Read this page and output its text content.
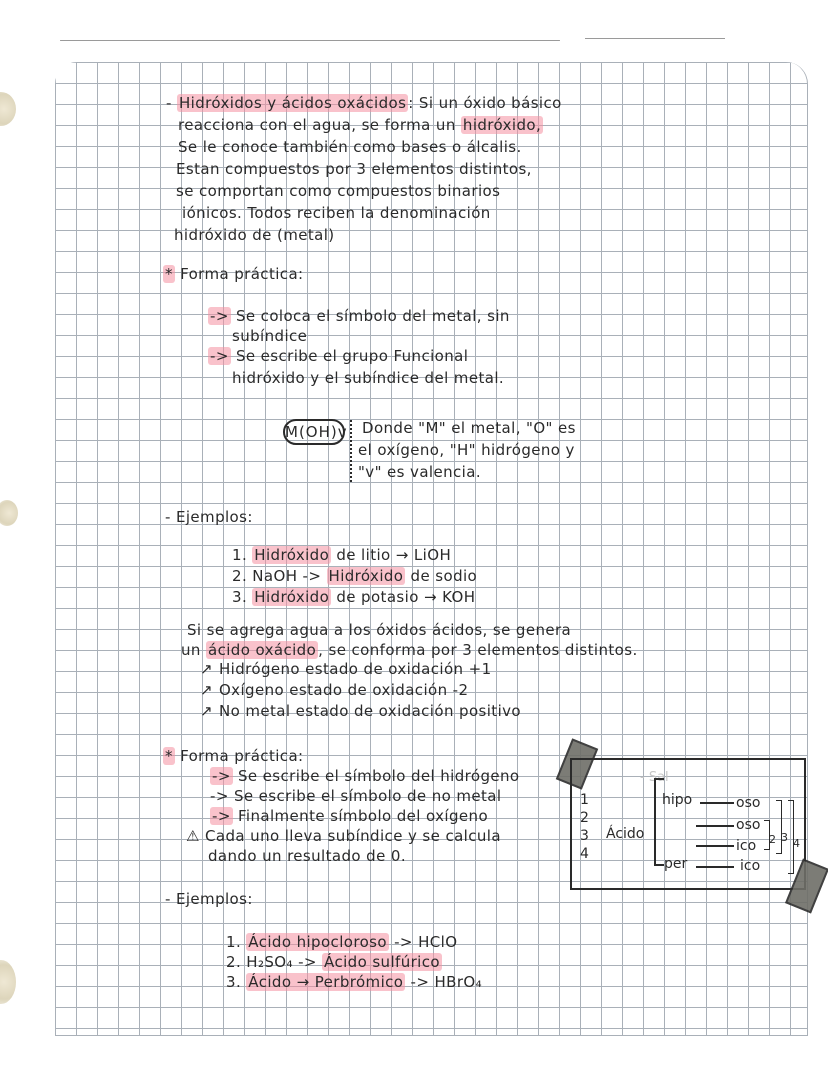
- Hidróxidos y ácidos oxácidos : Si un óxido básico
reacciona con el agua, se forma un hidróxido,
Se le conoce también como bases o álcalis.
Estan compuestos por 3 elementos distintos,
se comportan como compuestos binarios
iónicos. Todos reciben la denominación
hidróxido de (metal)
* Forma práctica:
-> Se coloca el símbolo del metal, sin
subíndice
-> Se escribe el grupo Funcional
hidróxido y el subíndice del metal.
M(OH)v Donde "M" el metal, "O" es
el oxígeno, "H" hidrógeno y
"v" es valencia.
- Ejemplos:
1. Hidróxido de litio → LiOH
2. NaOH -> Hidróxido de sodio
3. Hidróxido de potasio → KOH
Si se agrega agua a los óxidos ácidos, se genera
un ácido oxácido , se conforma por 3 elementos distintos.
↗ Hidrógeno estado de oxidación +1
↗ Oxígeno estado de oxidación -2
↗ No metal estado de oxidación positivo
* Forma práctica:
-> Se escribe el símbolo del hidrógeno
-> Se escribe el símbolo de no metal
-> Finalmente símbolo del oxígeno
⚠ Cada uno lleva subíndice y se calcula
dando un resultado de 0.
- Sal
1
2
3
4
Ácido
hipo
per
oso
oso
ico
ico
2 3 4
- Ejemplos:
1. Ácido hipocloroso -> HClO
2. H₂SO₄ -> Ácido sulfúrico
3. Ácido → Perbrómico -> HBrO₄
